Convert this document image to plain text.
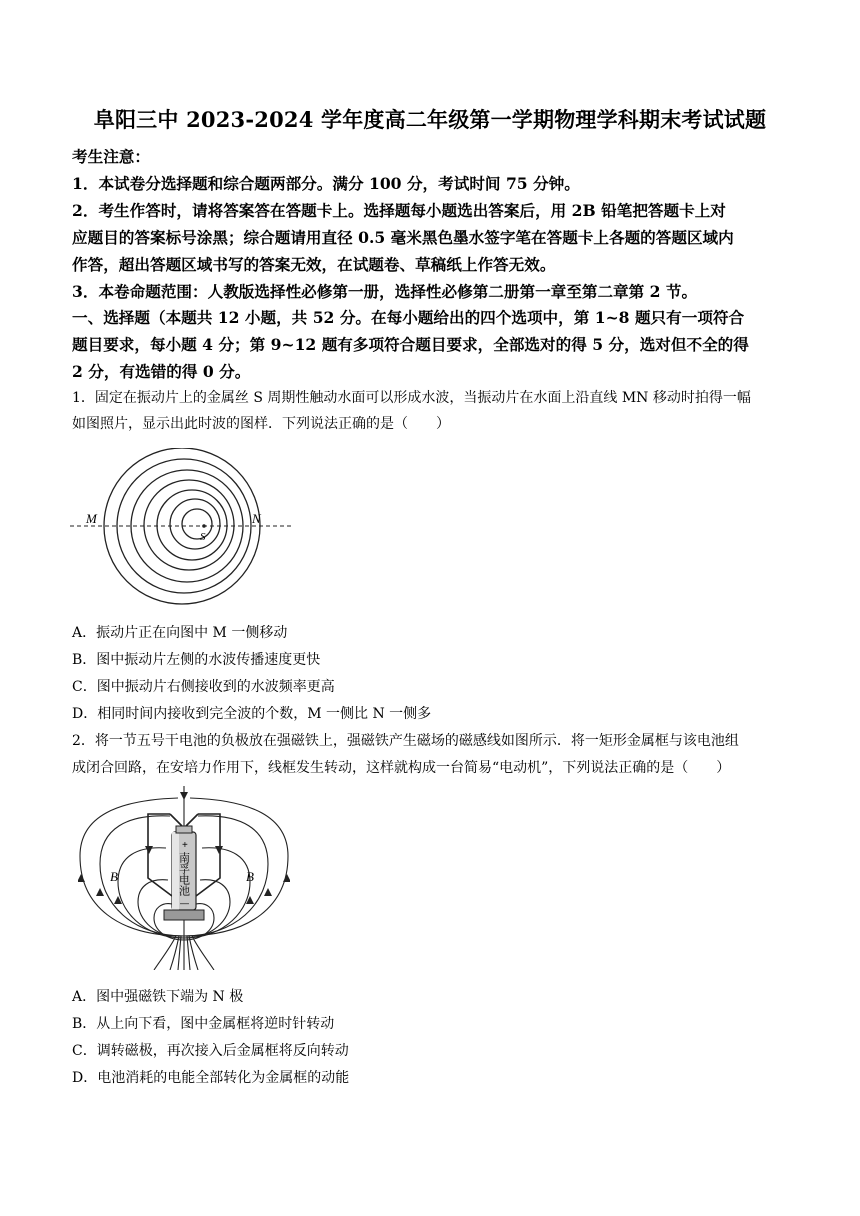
阜阳三中 2023-2024 学年度高二年级第一学期物理学科期末考试试题
考生注意：
1．本试卷分选择题和综合题两部分。满分 100 分，考试时间 75 分钟。
2．考生作答时，请将答案答在答题卡上。选择题每小题选出答案后，用 2B 铅笔把答题卡上对
应题目的答案标号涂黑；综合题请用直径 0.5 毫米黑色墨水签字笔在答题卡上各题的答题区域内
作答，超出答题区域书写的答案无效，在试题卷、草稿纸上作答无效。
3．本卷命题范围：人教版选择性必修第一册，选择性必修第二册第一章至第二章第 2 节。
一、选择题（本题共 12 小题，共 52 分。在每小题给出的四个选项中，第 1~8 题只有一项符合
题目要求，每小题 4 分；第 9~12 题有多项符合题目要求，全部选对的得 5 分，选对但不全的得
2 分，有选错的得 0 分。
1．固定在振动片上的金属丝 S 周期性触动水面可以形成水波，当振动片在水面上沿直线 MN 移动时拍得一幅
如图照片，显示出此时波的图样．下列说法正确的是（　　）
M	N
S
A．振动片正在向图中 M 一侧移动
B．图中振动片左侧的水波传播速度更快
C．图中振动片右侧接收到的水波频率更高
D．相同时间内接收到完全波的个数，M 一侧比 N 一侧多
2．将一节五号干电池的负极放在强磁铁上，强磁铁产生磁场的磁感线如图所示．将一矩形金属框与该电池组
成闭合回路，在安培力作用下，线框发生转动，这样就构成一台简易“电动机”，下列说法正确的是（　　）
+
南孚电池
—
B	B
A．图中强磁铁下端为 N 极
B．从上向下看，图中金属框将逆时针转动
C．调转磁极，再次接入后金属框将反向转动
D．电池消耗的电能全部转化为金属框的动能
